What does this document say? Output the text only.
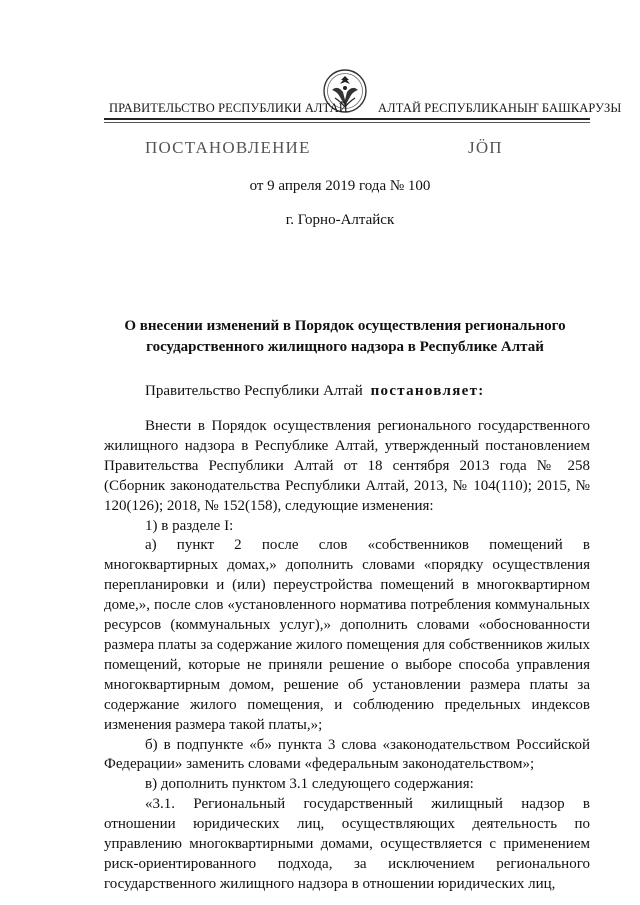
ПРАВИТЕЛЬСТВО РЕСПУБЛИКИ АЛТАЙ АЛТАЙ РЕСПУБЛИКАНЫҤ БАШКАРУЗЫ
ПОСТАНОВЛЕНИЕ	ЈӦП
от 9 апреля 2019 года № 100
г. Горно-Алтайск
О внесении изменений в Порядок осуществления регионального
государственного жилищного надзора в Республике Алтай
Правительство Республики Алтай постановляет:

Внести в Порядок осуществления регионального государственного жилищного надзора в Республике Алтай, утвержденный постановлением Правительства Республики Алтай от 18 сентября 2013 года № 258 (Сборник законодательства Республики Алтай, 2013, № 104(110); 2015, № 120(126); 2018, № 152(158), следующие изменения:

1) в разделе I:

а) пункт 2 после слов «собственников помещений в многоквартирных домах,» дополнить словами «порядку осуществления перепланировки и (или) переустройства помещений в многоквартирном доме,», после слов «установленного норматива потребления коммунальных ресурсов (коммунальных услуг),» дополнить словами «обоснованности размера платы за содержание жилого помещения для собственников жилых помещений, которые не приняли решение о выборе способа управления многоквартирным домом, решение об установлении размера платы за содержание жилого помещения, и соблюдению предельных индексов изменения размера такой платы,»;

б) в подпункте «б» пункта 3 слова «законодательством Российской Федерации» заменить словами «федеральным законодательством»;

в) дополнить пунктом 3.1 следующего содержания:

«3.1. Региональный государственный жилищный надзор в отношении юридических лиц, осуществляющих деятельность по управлению многоквартирными домами, осуществляется с применением риск-ориентированного подхода, за исключением регионального государственного жилищного надзора в отношении юридических лиц,
